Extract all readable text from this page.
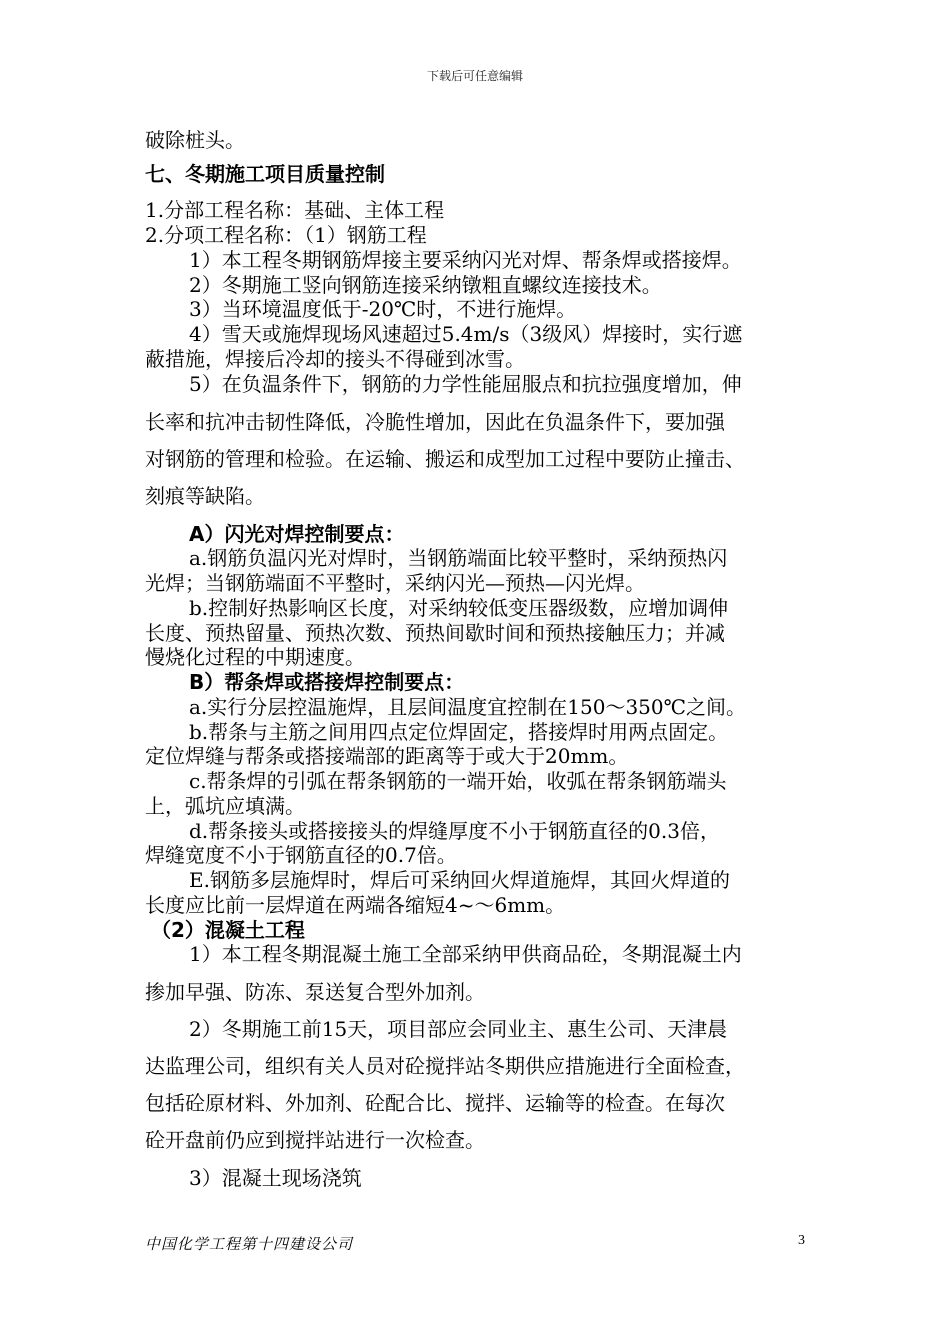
下载后可任意编辑
破除桩头。
七、冬期施工项目质量控制
1.分部工程名称：基础、主体工程
2.分项工程名称：（1）钢筋工程
1）本工程冬期钢筋焊接主要采纳闪光对焊、帮条焊或搭接焊。
2）冬期施工竖向钢筋连接采纳镦粗直螺纹连接技术。
3）当环境温度低于-20℃时，不进行施焊。
4）雪天或施焊现场风速超过5.4m/s（3级风）焊接时，实行遮
蔽措施，焊接后冷却的接头不得碰到冰雪。
5）在负温条件下，钢筋的力学性能屈服点和抗拉强度增加，伸
长率和抗冲击韧性降低，冷脆性增加，因此在负温条件下，要加强
对钢筋的管理和检验。在运输、搬运和成型加工过程中要防止撞击、
刻痕等缺陷。
A）闪光对焊控制要点：
a.钢筋负温闪光对焊时，当钢筋端面比较平整时，采纳预热闪
光焊；当钢筋端面不平整时，采纳闪光—预热—闪光焊。
b.控制好热影响区长度，对采纳较低变压器级数，应增加调伸
长度、预热留量、预热次数、预热间歇时间和预热接触压力；并减
慢烧化过程的中期速度。
B）帮条焊或搭接焊控制要点：
a.实行分层控温施焊，且层间温度宜控制在150～350℃之间。
b.帮条与主筋之间用四点定位焊固定，搭接焊时用两点固定。
定位焊缝与帮条或搭接端部的距离等于或大于20mm。
c.帮条焊的引弧在帮条钢筋的一端开始，收弧在帮条钢筋端头
上，弧坑应填满。
d.帮条接头或搭接接头的焊缝厚度不小于钢筋直径的0.3倍，
焊缝宽度不小于钢筋直径的0.7倍。
E.钢筋多层施焊时，焊后可采纳回火焊道施焊，其回火焊道的
长度应比前一层焊道在两端各缩短4~～6mm。
（2）混凝土工程
1）本工程冬期混凝土施工全部采纳甲供商品砼，冬期混凝土内
掺加早强、防冻、泵送复合型外加剂。
2）冬期施工前15天，项目部应会同业主、惠生公司、天津晨
达监理公司，组织有关人员对砼搅拌站冬期供应措施进行全面检查，
包括砼原材料、外加剂、砼配合比、搅拌、运输等的检查。在每次
砼开盘前仍应到搅拌站进行一次检查。
3）混凝土现场浇筑
中国化学工程第十四建设公司	3
